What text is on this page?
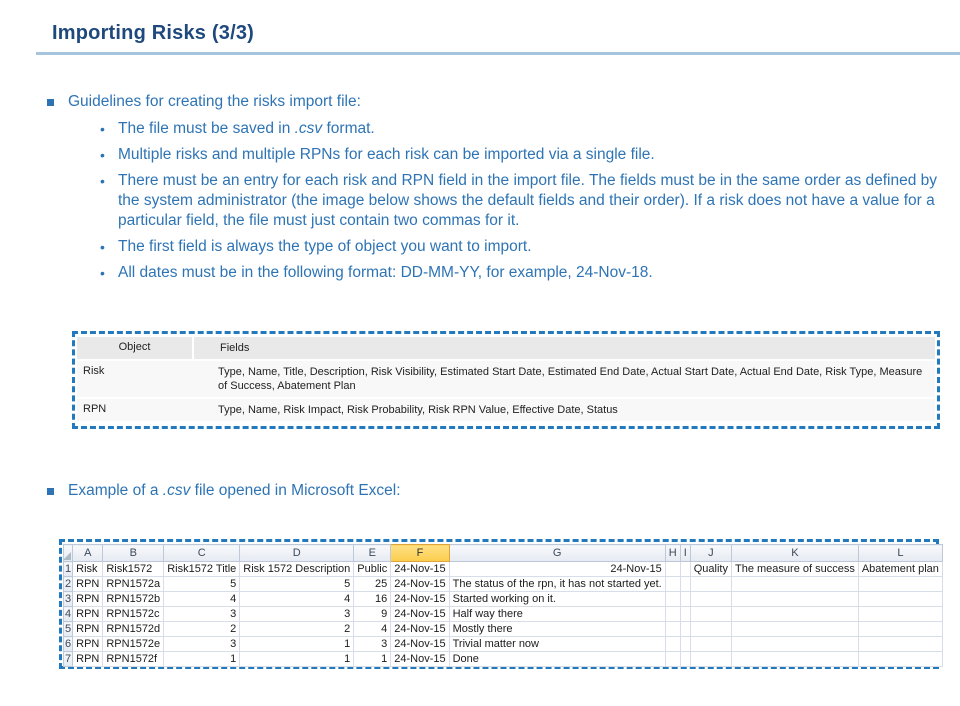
Importing Risks (3/3)
Guidelines for creating the risks import file:
• The file must be saved in .csv format.
• Multiple risks and multiple RPNs for each risk can be imported via a single file.
• There must be an entry for each risk and RPN field in the import file. The fields must be in the same order as defined by the system administrator (the image below shows the default fields and their order). If a risk does not have a value for a particular field, the file must just contain two commas for it.
• The first field is always the type of object you want to import.
• All dates must be in the following format: DD-MM-YY, for example, 24-Nov-18.
Object	Fields
Risk	Type, Name, Title, Description, Risk Visibility, Estimated Start Date, Estimated End Date, Actual Start Date, Actual End Date, Risk Type, Measure of Success, Abatement Plan
RPN	Type, Name, Risk Impact, Risk Probability, Risk RPN Value, Effective Date, Status
Example of a .csv file opened in Microsoft Excel:
	A	B	C	D	E	F	G	H	I	J	K	L
1	Risk	Risk1572	Risk1572 Title	Risk 1572 Description	Public	24-Nov-15	24-Nov-15			Quality	The measure of success	Abatement plan
2	RPN	RPN1572a	5	5	25	24-Nov-15	The status of the rpn, it has not started yet.					
3	RPN	RPN1572b	4	4	16	24-Nov-15	Started working on it.					
4	RPN	RPN1572c	3	3	9	24-Nov-15	Half way there					
5	RPN	RPN1572d	2	2	4	24-Nov-15	Mostly there					
6	RPN	RPN1572e	3	1	3	24-Nov-15	Trivial matter now					
7	RPN	RPN1572f	1	1	1	24-Nov-15	Done					
